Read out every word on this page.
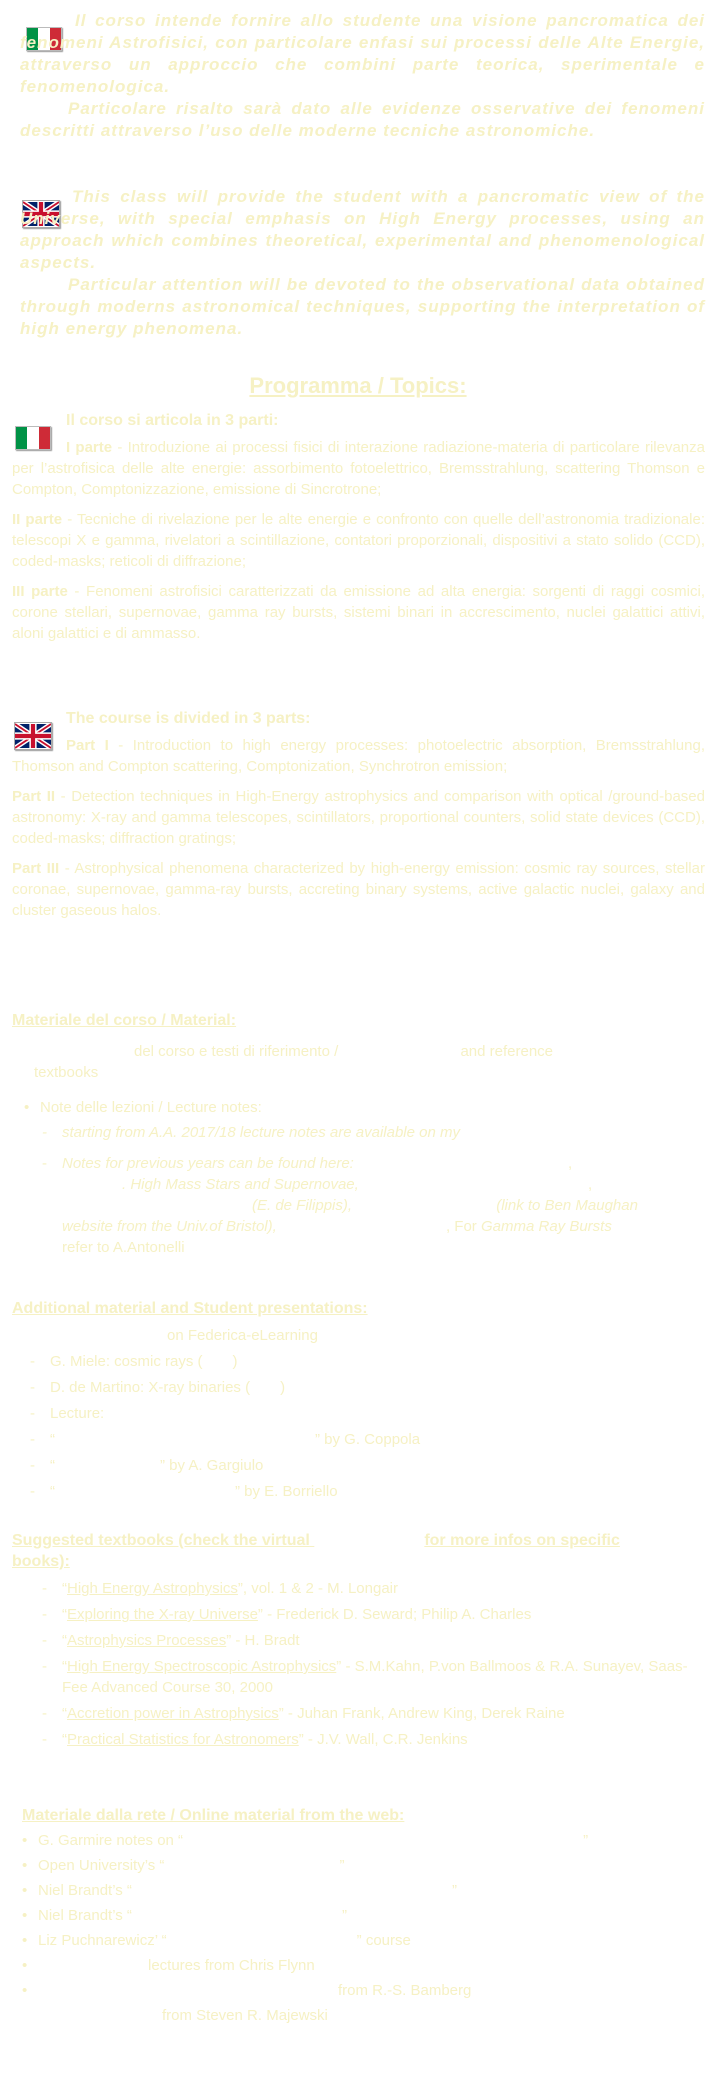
Il corso intende fornire allo studente una visione pancromatica dei fenomeni Astrofisici, con particolare enfasi sui processi delle Alte Energie, attraverso un approccio che combini parte teorica, sperimentale e fenomenologica.

Particolare risalto sarà dato alle evidenze osservative dei fenomeni descritti attraverso l’uso delle moderne tecniche astronomiche.

This class will provide the student with a pancromatic view of the Universe, with special emphasis on High Energy processes, using an approach which combines theoretical, experimental and phenomenological aspects.

Particular attention will be devoted to the observational data obtained through moderns astronomical techniques, supporting the interpretation of high energy phenomena.

Programma / Topics:
Il corso si articola in 3 parti:

I parte - Introduzione ai processi fisici di interazione radiazione-materia di particolare rilevanza per l’astrofisica delle alte energie: assorbimento fotoelettrico, Bremsstrahlung, scattering Thomson e Compton, Comptonizzazione, emissione di Sincrotrone;

II parte - Tecniche di rivelazione per le alte energie e confronto con quelle dell’astronomia tradizionale: telescopi X e gamma, rivelatori a scintillazione, contatori proporzionali, dispositivi a stato solido (CCD), coded-masks; reticoli di diffrazione;

III parte - Fenomeni astrofisici caratterizzati da emissione ad alta energia: sorgenti di raggi cosmici, corone stellari, supernovae, gamma ray bursts, sistemi binari in accrescimento, nuclei galattici attivi, aloni galattici e di ammasso.

The course is divided in 3 parts:

Part I - Introduction to high energy processes: photoelectric absorption, Bremsstrahlung, Thomson and Compton scattering, Comptonization, Synchrotron emission;

Part II - Detection techniques in High-Energy astrophysics and comparison with optical /ground-based astronomy: X-ray and gamma telescopes, scintillators, proportional counters, solid state devices (CCD), coded-masks; diffraction gratings;

Part III - Astrophysical phenomena characterized by high-energy emission: cosmic ray sources, stellar coronae, supernovae, gamma-ray bursts, accreting binary systems, active galactic nuclei, galaxy and cluster gaseous halos.

Materiale del corso / Material:
del corso e testi di riferimento /	and reference
textbooks
• Note delle lezioni / Lecture notes:
- starting from A.A. 2017/18 lecture notes are available on my
- Notes for previous years can be found here:	,
. High Mass Stars and Supernovae,	,
(E. de Filippis),	(link to Ben Maughan
website from the Univ.of Bristol),	, For Gamma Ray Bursts
refer to A.Antonelli
Additional material and Student presentations:
on Federica-eLearning
- G. Miele: cosmic rays ( )
- D. de Martino: X-ray binaries ( )
- Lecture:
- “	” by G. Coppola
- “	” by A. Gargiulo
- “	” by E. Borriello
Suggested textbooks (check the virtual	for more infos on specific
books):
- “High Energy Astrophysics”, vol. 1 & 2 - M. Longair
- “Exploring the X-ray Universe” - Frederick D. Seward; Philip A. Charles
- “Astrophysics Processes” - H. Bradt
- “High Energy Spectroscopic Astrophysics” - S.M.Kahn, P.von Ballmoos & R.A. Sunayev, Saas-Fee Advanced Course 30, 2000
- “Accretion power in Astrophysics” - Juhan Frank, Andrew King, Derek Raine
- “Practical Statistics for Astronomers” - J.V. Wall, C.R. Jenkins
Materiale dalla rete / Online material from the web:
• G. Garmire notes on “	”
• Open University’s “	”
• Niel Brandt’s “	”
• Niel Brandt’s “	”
• Liz Puchnarewicz’ “	” course
• lectures from Chris Flynn
• from R.-S. Bamberg
from Steven R. Majewski
